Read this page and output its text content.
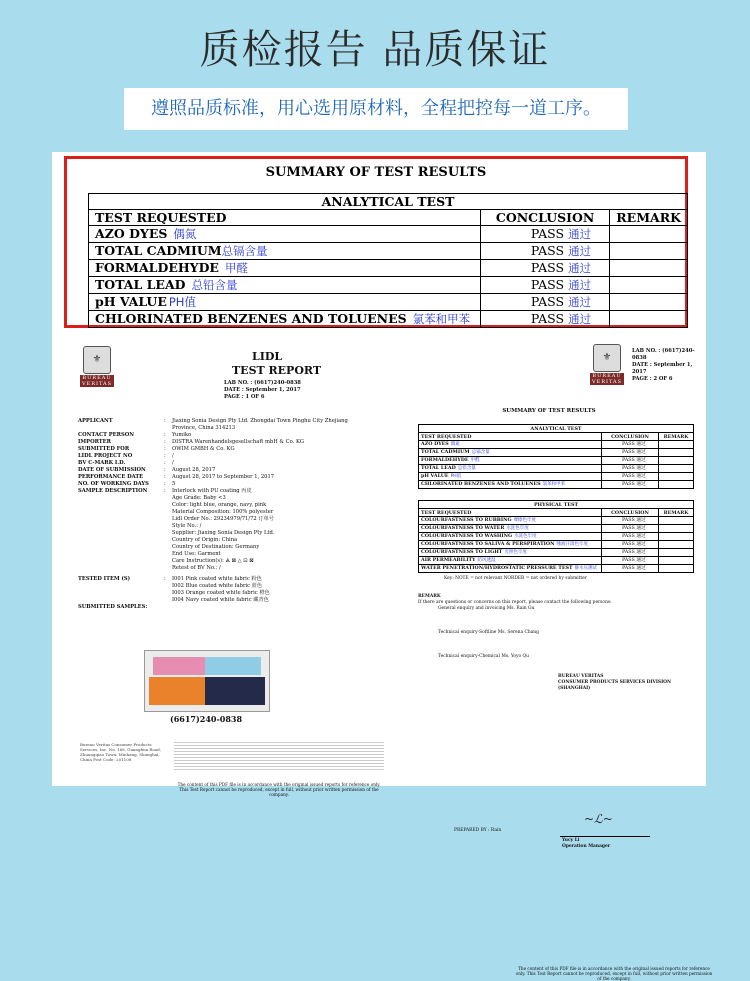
质检报告 品质保证
遵照品质标准，用心选用原材料，全程把控每一道工序。
SUMMARY OF TEST RESULTS
ANALYTICAL TEST		
TEST REQUESTED	CONCLUSION	REMARK
AZO DYES 偶氮	PASS 通过	
TOTAL CADMIUM总镉含量	PASS 通过	
FORMALDEHYDE 甲醛	PASS 通过	
TOTAL LEAD 总铅含量	PASS 通过	
pH VALUE PH值	PASS 通过	
CHLORINATED BENZENES AND TOLUENES 氯苯和甲苯	PASS 通过	
⚜
BUREAU VERITAS
LIDL
TEST REPORT
LAB NO. : (6617)240-0838
DATE : September 1, 2017
PAGE : 1 OF 6
APPLICANT	:	Jiaxing Sonia Design Pty Ltd. Zhongdai Town Pinghu City Zhejiang Province, China 314213
CONTACT PERSON	:	Yumiko
IMPORTER	:	DISTRA Warenhandelsgesellschaft mbH & Co. KG
SUBMITTED FOR	:	OWIM GMBH & Co. KG
LIDL PROJECT NO	:	/
BV C-MARK I.D.	:	/
DATE OF SUBMISSION	:	August 28, 2017
PERFORMANCE DATE	:	August 28, 2017 to September 1, 2017
NO. OF WORKING DAYS	:	5
SAMPLE DESCRIPTION	:	Interlock with PU coating 丙皮
Age Grade: Baby <3
Color: light blue, orange, navy, pink
Material Composition: 100% polyester
Lidl Order No.: 29234979/71/72 订单号
Style No.: /
Supplier: Jiaxing Sonia Design Pty Ltd.
Country of Origin: China
Country of Destination: Germany
End Use: Garment
Care Instruction(s): 🜁 ⊠ △ ⊡ ⊠
Retest of BV No.: /
TESTED ITEM (S)	:	I001 Pink coated white fabric 粉色
I002 Blue coated white fabric 蓝色
I003 Orange coated white fabric 橙色
I004 Navy coated white fabric 藏青色
SUBMITTED SAMPLES:
(6617)240-0838
Bureau Veritas Consumer Products Services, Inc. No. 168, Guanghua Road, Zhuangqiao Town, Minhang, Shanghai, China Post Code: 201108
The content of this PDF file is in accordance with the original issued reports for reference only. This Test Report cannot be reproduced, except in full, without prior written permission of the company.
⚜
BUREAU VERITAS
LAB NO. : (6617)240-0838
DATE : September 1, 2017
PAGE : 2 OF 6
SUMMARY OF TEST RESULTS
ANALYTICAL TEST		
TEST REQUESTED	CONCLUSION	REMARK
AZO DYES 偶氮	PASS 通过	
TOTAL CADMIUM 总镉含量	PASS 通过	
FORMALDEHYDE 甲醛	PASS 通过	
TOTAL LEAD 总铅含量	PASS 通过	
pH VALUE PH值	PASS 通过	
CHLORINATED BENZENES AND TOLUENES 氯苯和甲苯	PASS 通过	
PHYSICAL TEST		
TEST REQUESTED	CONCLUSION	REMARK
COLOURFASTNESS TO RUBBING 摩擦色牢度	PASS 通过	
COLOURFASTNESS TO WATER 水洗色牢度	PASS 通过	
COLOURFASTNESS TO WASHING 水洗色牢度	PASS 通过	
COLOURFASTNESS TO SALIVA & PERSPIRATION 唾液汗渍色牢度	PASS 通过	
COLOURFASTNESS TO LIGHT 光照色牢度	PASS 通过	
AIR PERMEABILITY 防风透湿	PASS 通过	
WATER PENETRATION/HYDROSTATIC PRESSURE TEST 静水压测试	PASS 通过	
Key: NOTE = not relevant NORDER = not ordered by submitter
REMARK
If there are questions or concerns on this report, please contact the following persons:
General enquiry and invoicing Ms. Rain Gu
Technical enquiry-Softline Ms. Serena Chang
Technical enquiry-Chemical Ms. Yoyo Qu
BUREAU VERITAS
CONSUMER PRODUCTS SERVICES DIVISION (SHANGHAI)
PREPARED BY : Rain
~ℒ~
Yucy Li
Operation Manager
The content of this PDF file is in accordance with the original issued reports for reference only. This Test Report cannot be reproduced, except in full, without prior written permission of the company.
